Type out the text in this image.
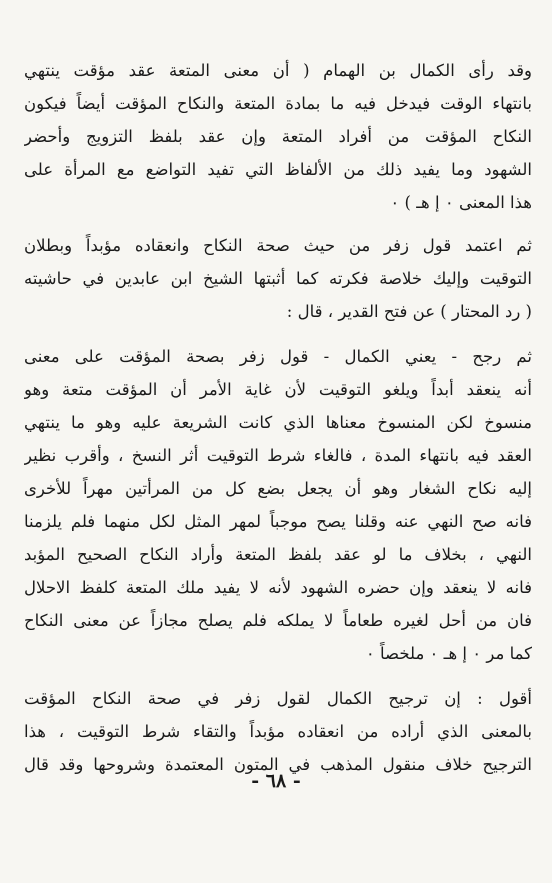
وقد رأى الكمال بن الهمام ( أن معنى المتعة عقد مؤقت ينتهي
بانتهاء الوقت فيدخل فيه ما بمادة المتعة والنكاح المؤقت أيضاً فيكون
النكاح المؤقت من أفراد المتعة وإن عقد بلفظ التزويج وأحضر
الشهود وما يفيد ذلك من الألفاظ التي تفيد التواضع مع المرأة على
هذا المعنى ٠ إ هـ ) ٠
ثم اعتمد قول زفر من حيث صحة النكاح وانعقاده مؤبداً وبطلان
التوقيت وإليك خلاصة فكرته كما أثبتها الشيخ ابن عابدين في حاشيته
( رد المحتار ) عن فتح القدير ، قال :
ثم رجح - يعني الكمال - قول زفر بصحة المؤقت على معنى
أنه ينعقد أبداً ويلغو التوقيت لأن غاية الأمر أن المؤقت متعة وهو
منسوخ لكن المنسوخ معناها الذي كانت الشريعة عليه وهو ما ينتهي
العقد فيه بانتهاء المدة ، فالغاء شرط التوقيت أثر النسخ ، وأقرب نظير
إليه نكاح الشغار وهو أن يجعل بضع كل من المرأتين مهراً للأخرى
فانه صح النهي عنه وقلنا يصح موجباً لمهر المثل لكل منهما فلم يلزمنا
النهي ، بخلاف ما لو عقد بلفظ المتعة وأراد النكاح الصحيح المؤبد
فانه لا ينعقد وإن حضره الشهود لأنه لا يفيد ملك المتعة كلفظ الاحلال
فان من أحل لغيره طعاماً لا يملكه فلم يصلح مجازاً عن معنى النكاح
كما مر ٠ إ هـ ٠ ملخصاً ٠
أقول : إن ترجيح الكمال لقول زفر في صحة النكاح المؤقت
بالمعنى الذي أراده من انعقاده مؤبداً والتقاء شرط التوقيت ، هذا
الترجيح خلاف منقول المذهب في المتون المعتمدة وشروحها وقد قال
- ٦٨ -
